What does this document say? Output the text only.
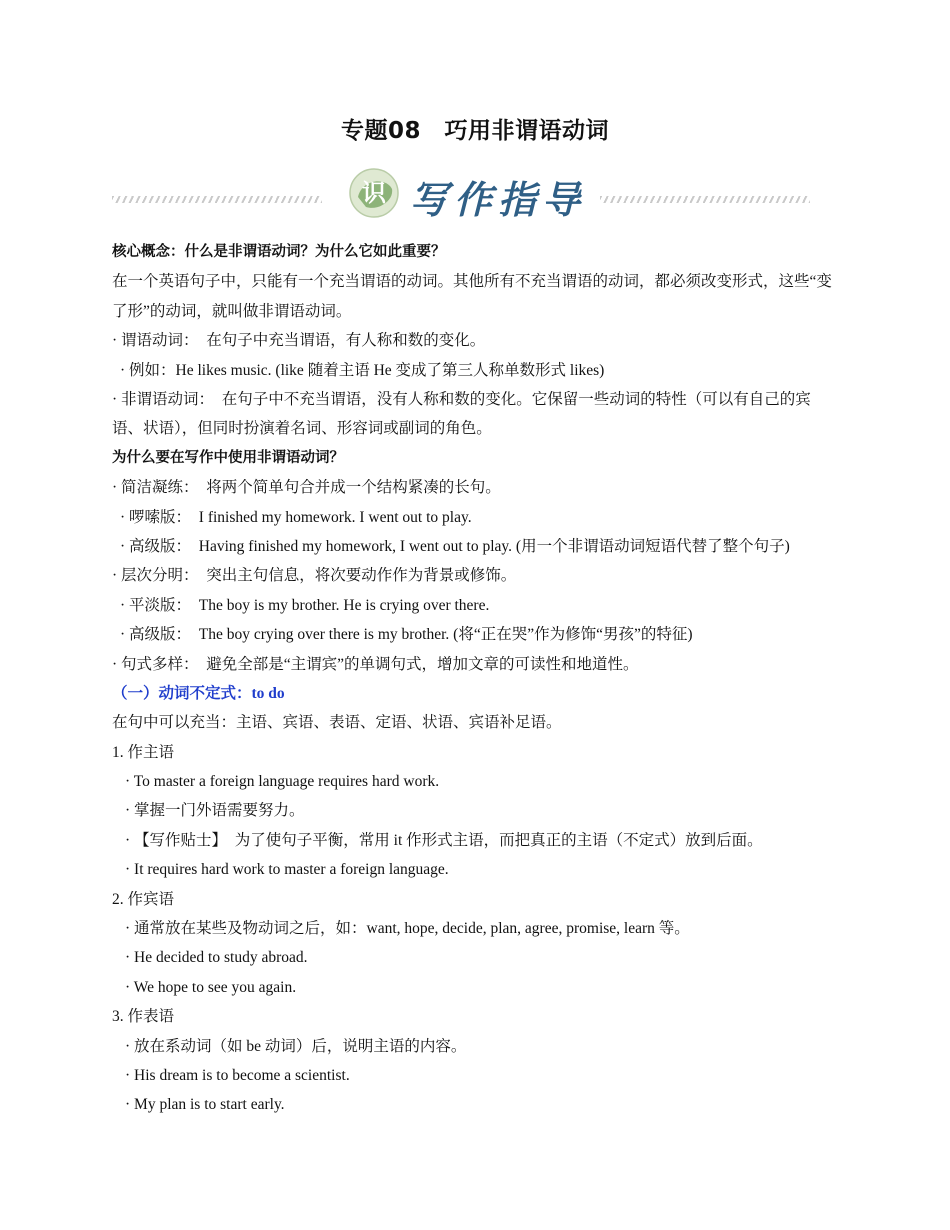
专题08　巧用非谓语动词
识 写作指导
核心概念：什么是非谓语动词？为什么它如此重要？
在一个英语句子中，只能有一个充当谓语的动词。其他所有不充当谓语的动词，都必须改变形式，这些“变了形”的动词，就叫做非谓语动词。
· 谓语动词：　在句子中充当谓语，有人称和数的变化。
· 例如：He likes music. (like 随着主语 He 变成了第三人称单数形式 likes)
· 非谓语动词：　在句子中不充当谓语，没有人称和数的变化。它保留一些动词的特性（可以有自己的宾语、状语），但同时扮演着名词、形容词或副词的角色。
为什么要在写作中使用非谓语动词？
· 简洁凝练：　将两个简单句合并成一个结构紧凑的长句。
· 啰嗦版：　I finished my homework. I went out to play.
· 高级版：　Having finished my homework, I went out to play. (用一个非谓语动词短语代替了整个句子)
· 层次分明：　突出主句信息，将次要动作作为背景或修饰。
· 平淡版：　The boy is my brother. He is crying over there.
· 高级版：　The boy crying over there is my brother. (将“正在哭”作为修饰“男孩”的特征)
· 句式多样：　避免全部是“主谓宾”的单调句式，增加文章的可读性和地道性。
（一）动词不定式：to do
在句中可以充当：主语、宾语、表语、定语、状语、宾语补足语。
1. 作主语
· To master a foreign language requires hard work.
· 掌握一门外语需要努力。
· 【写作贴士】　为了使句子平衡，常用 it 作形式主语，而把真正的主语（不定式）放到后面。
· It requires hard work to master a foreign language.
2. 作宾语
· 通常放在某些及物动词之后，如：want, hope, decide, plan, agree, promise, learn 等。
· He decided to study abroad.
· We hope to see you again.
3. 作表语
· 放在系动词（如 be 动词）后，说明主语的内容。
· His dream is to become a scientist.
· My plan is to start early.
